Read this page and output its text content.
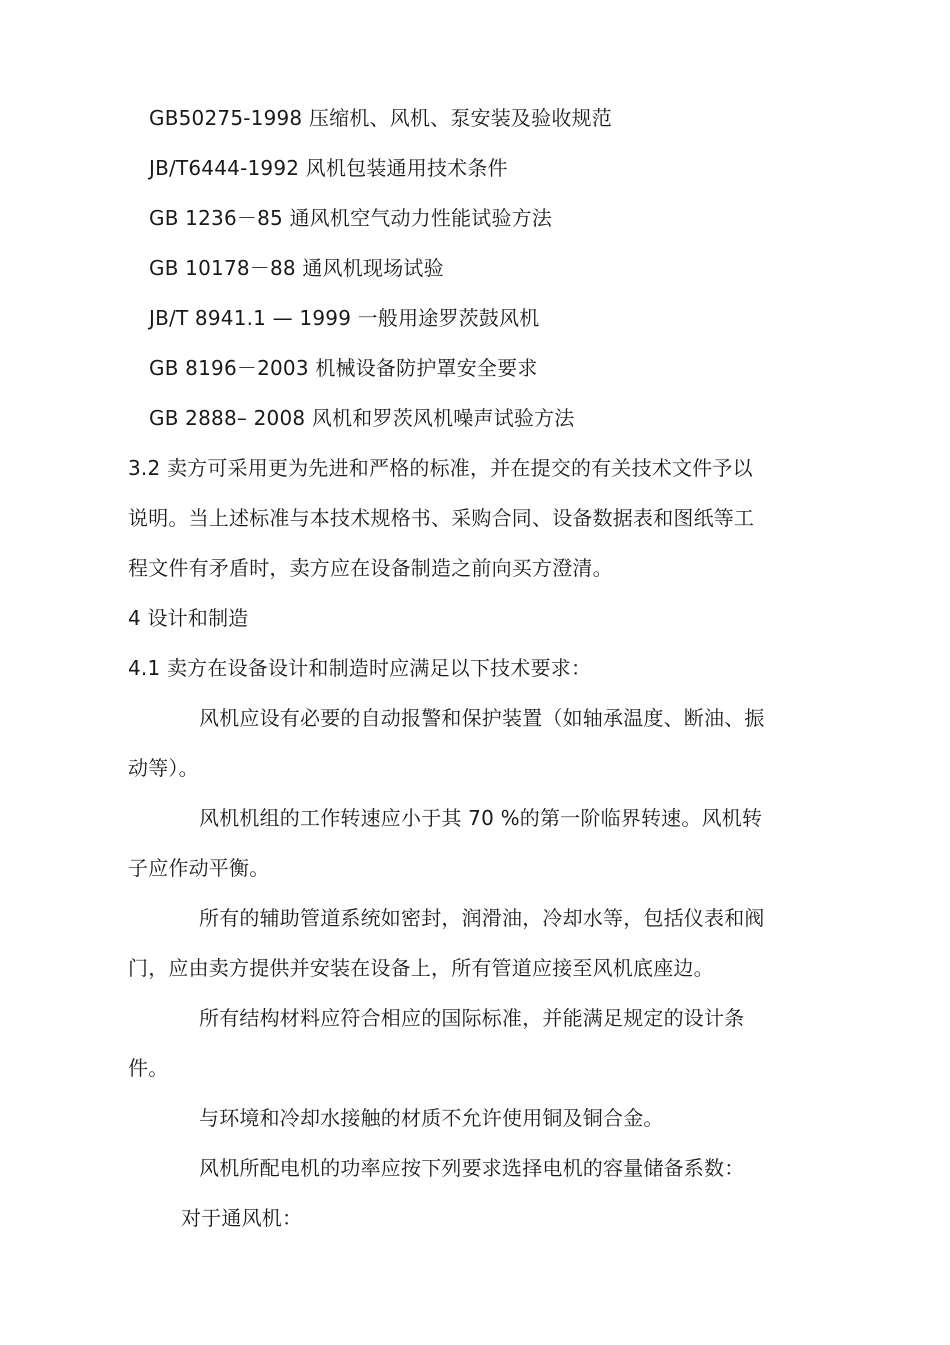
GB50275-1998 压缩机、风机、泵安装及验收规范
JB/T6444-1992 风机包装通用技术条件
GB 1236－85 通风机空气动力性能试验方法
GB 10178－88 通风机现场试验
JB/T 8941.1 — 1999 一般用途罗茨鼓风机
GB 8196－2003 机械设备防护罩安全要求
GB 2888– 2008 风机和罗茨风机噪声试验方法
3.2 卖方可采用更为先进和严格的标准，并在提交的有关技术文件予以
说明。当上述标准与本技术规格书、采购合同、设备数据表和图纸等工
程文件有矛盾时，卖方应在设备制造之前向买方澄清。
4 设计和制造
4.1 卖方在设备设计和制造时应满足以下技术要求：
风机应设有必要的自动报警和保护装置（如轴承温度、断油、振
动等）。
风机机组的工作转速应小于其 70 %的第一阶临界转速。风机转
子应作动平衡。
所有的辅助管道系统如密封，润滑油，冷却水等，包括仪表和阀
门，应由卖方提供并安装在设备上，所有管道应接至风机底座边。
所有结构材料应符合相应的国际标准，并能满足规定的设计条
件。
与环境和冷却水接触的材质不允许使用铜及铜合金。
风机所配电机的功率应按下列要求选择电机的容量储备系数：
对于通风机：
